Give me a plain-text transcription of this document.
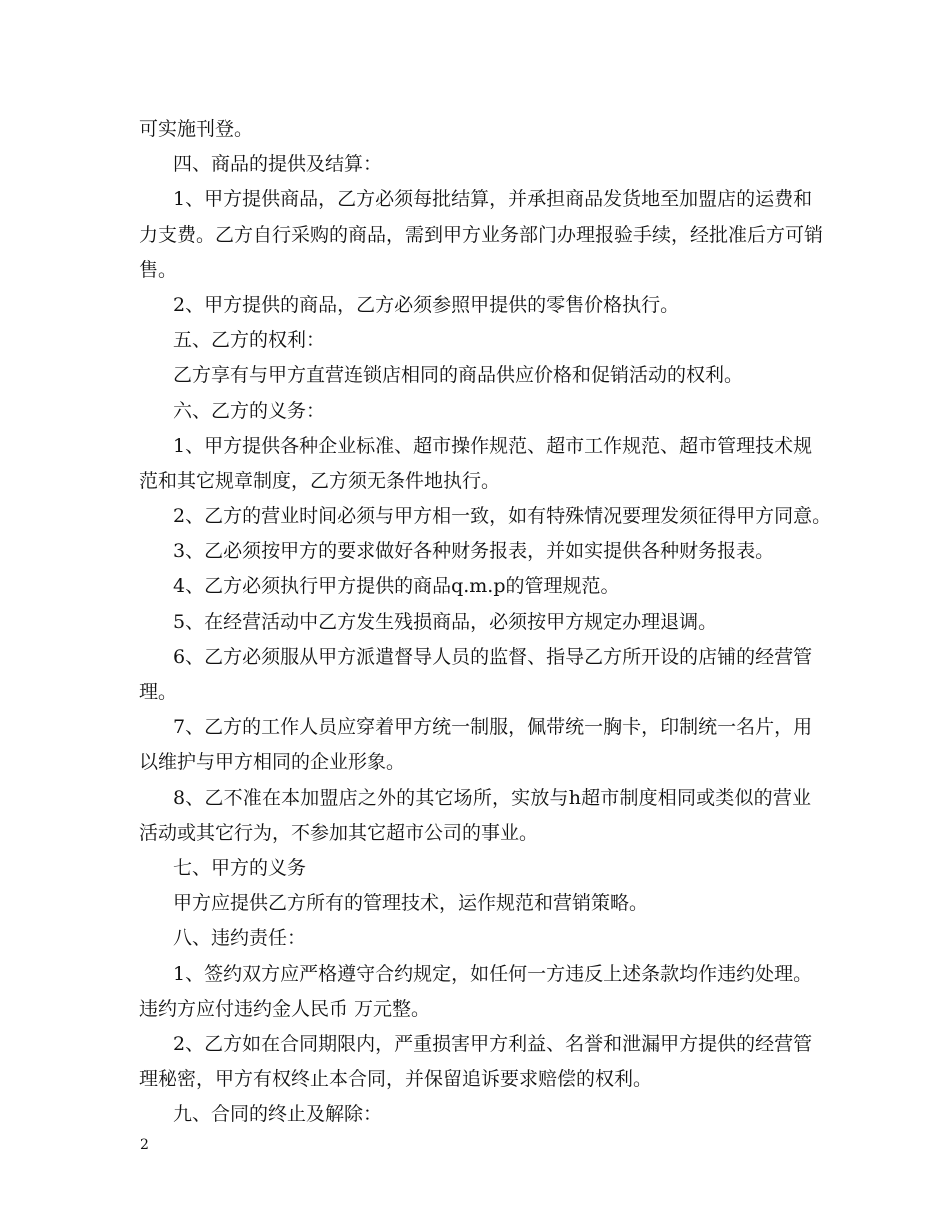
可实施刊登。
四、商品的提供及结算：
1、甲方提供商品，乙方必须每批结算，并承担商品发货地至加盟店的运费和
力支费。乙方自行采购的商品，需到甲方业务部门办理报验手续，经批准后方可销
售。
2、甲方提供的商品，乙方必须参照甲提供的零售价格执行。
五、乙方的权利：
乙方享有与甲方直营连锁店相同的商品供应价格和促销活动的权利。
六、乙方的义务：
1、甲方提供各种企业标准、超市操作规范、超市工作规范、超市管理技术规
范和其它规章制度，乙方须无条件地执行。
2、乙方的营业时间必须与甲方相一致，如有特殊情况要理发须征得甲方同意。
3、乙必须按甲方的要求做好各种财务报表，并如实提供各种财务报表。
4、乙方必须执行甲方提供的商品q.m.p的管理规范。
5、在经营活动中乙方发生残损商品，必须按甲方规定办理退调。
6、乙方必须服从甲方派遣督导人员的监督、指导乙方所开设的店铺的经营管
理。
7、乙方的工作人员应穿着甲方统一制服，佩带统一胸卡，印制统一名片，用
以维护与甲方相同的企业形象。
8、乙不准在本加盟店之外的其它场所，实放与h超市制度相同或类似的营业
活动或其它行为，不参加其它超市公司的事业。
七、甲方的义务
甲方应提供乙方所有的管理技术，运作规范和营销策略。
八、违约责任：
1、签约双方应严格遵守合约规定，如任何一方违反上述条款均作违约处理。
违约方应付违约金人民币 万元整。
2、乙方如在合同期限内，严重损害甲方利益、名誉和泄漏甲方提供的经营管
理秘密，甲方有权终止本合同，并保留追诉要求赔偿的权利。
九、合同的终止及解除：
2
